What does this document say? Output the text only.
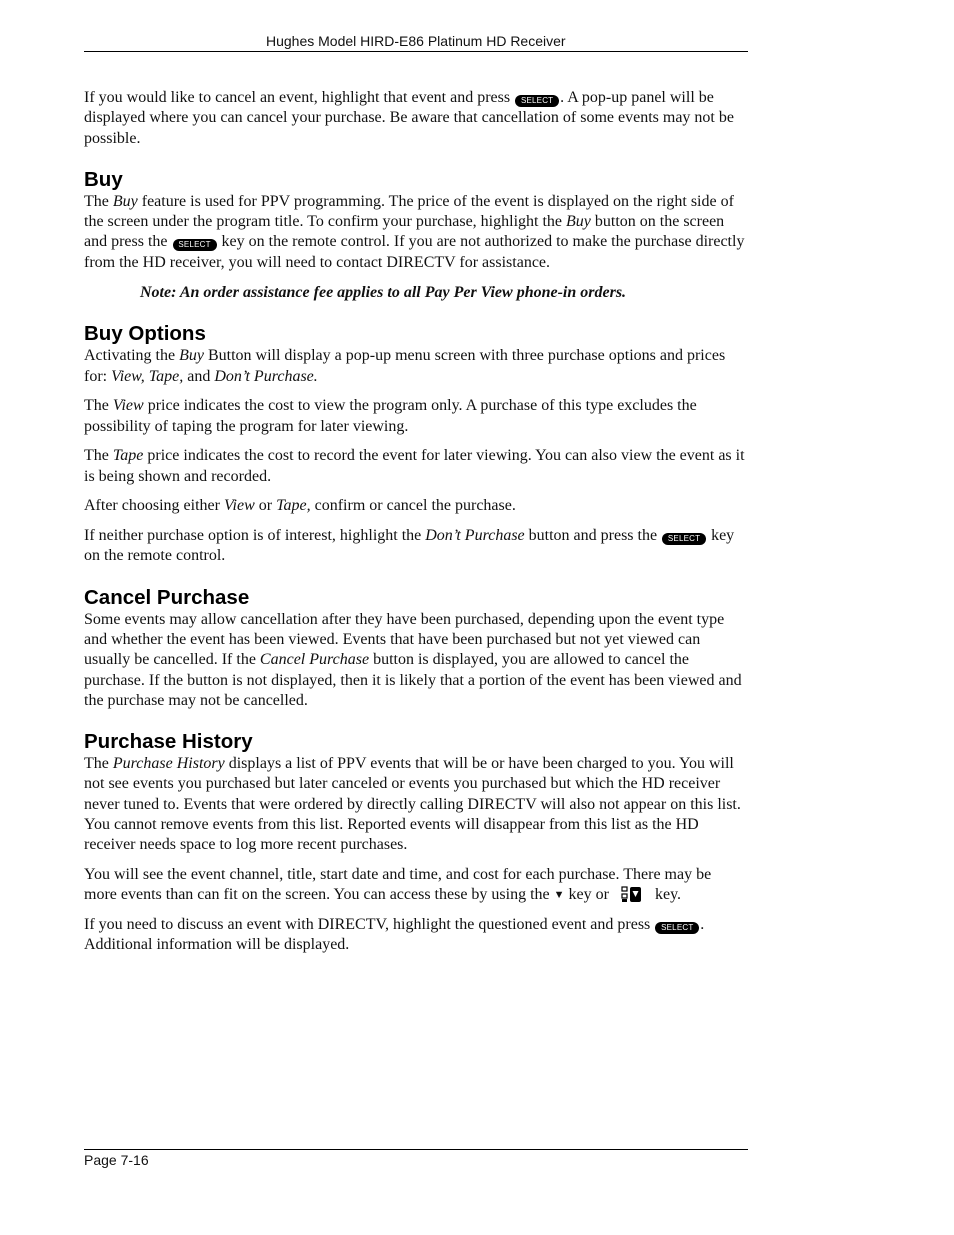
Hughes Model HIRD-E86 Platinum HD Receiver

If you would like to cancel an event, highlight that event and press SELECT . A pop-up panel will be displayed where you can cancel your purchase. Be aware that cancellation of some events may not be possible.

Buy

The Buy feature is used for PPV programming. The price of the event is displayed on the right side of the screen under the program title. To confirm your purchase, highlight the Buy button on the screen and press the SELECT key on the remote control. If you are not authorized to make the purchase directly from the HD receiver, you will need to contact DIRECTV for assistance.

Note: An order assistance fee applies to all Pay Per View phone-in orders.

Buy Options

Activating the Buy Button will display a pop-up menu screen with three purchase options and prices for: View, Tape, and Don’t Purchase.

The View price indicates the cost to view the program only. A purchase of this type excludes the possibility of taping the program for later viewing.

The Tape price indicates the cost to record the event for later viewing. You can also view the event as it is being shown and recorded.

After choosing either View or Tape, confirm or cancel the purchase.

If neither purchase option is of interest, highlight the Don’t Purchase button and press the SELECT key on the remote control.

Cancel Purchase

Some events may allow cancellation after they have been purchased, depending upon the event type and whether the event has been viewed. Events that have been purchased but not yet viewed can usually be cancelled. If the Cancel Purchase button is displayed, you are allowed to cancel the purchase. If the button is not displayed, then it is likely that a portion of the event has been viewed and the purchase may not be cancelled.

Purchase History

The Purchase History displays a list of PPV events that will be or have been charged to you. You will not see events you purchased but later canceled or events you purchased but which the HD receiver never tuned to. Events that were ordered by directly calling DIRECTV will also not appear on this list. You cannot remove events from this list. Reported events will disappear from this list as the HD receiver needs space to log more recent purchases.

You will see the event channel, title, start date and time, and cost for each purchase. There may be more events than can fit on the screen. You can access these by using the ▼ key or  key.

If you need to discuss an event with DIRECTV, highlight the questioned event and press SELECT . Additional information will be displayed.

Page 7-16
